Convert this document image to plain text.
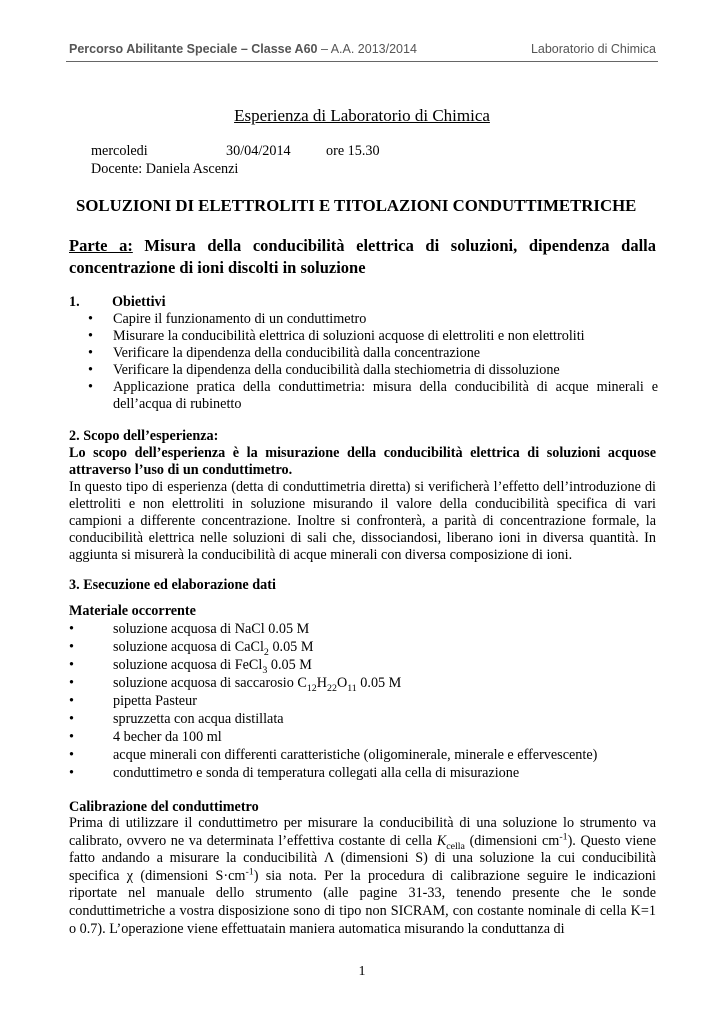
Percorso Abilitante Speciale – Classe A60 – A.A. 2013/2014	Laboratorio di Chimica
Esperienza di Laboratorio di Chimica
mercoledi	30/04/2014 ore 15.30
Docente: Daniela Ascenzi
SOLUZIONI DI ELETTROLITI E TITOLAZIONI CONDUTTIMETRICHE
Parte a: Misura della conducibilità elettrica di soluzioni, dipendenza dalla concentrazione di ioni discolti in soluzione
1. Obiettivi
• Capire il funzionamento di un conduttimetro
• Misurare la conducibilità elettrica di soluzioni acquose di elettroliti e non elettroliti
• Verificare la dipendenza della conducibilità dalla concentrazione
• Verificare la dipendenza della conducibilità dalla stechiometria di dissoluzione
• Applicazione pratica della conduttimetria: misura della conducibilità di acque minerali e dell’acqua di rubinetto
2. Scopo dell’esperienza:
Lo scopo dell’esperienza è la misurazione della conducibilità elettrica di soluzioni acquose attraverso l’uso di un conduttimetro.
In questo tipo di esperienza (detta di conduttimetria diretta) si verificherà l’effetto dell’introduzione di elettroliti e non elettroliti in soluzione misurando il valore della conducibilità specifica di vari campioni a differente concentrazione. Inoltre si confronterà, a parità di concentrazione formale, la conducibilità elettrica nelle soluzioni di sali che, dissociandosi, liberano ioni in diversa quantità. In aggiunta si misurerà la conducibilità di acque minerali con diversa composizione di ioni.
3. Esecuzione ed elaborazione dati
Materiale occorrente
•	soluzione acquosa di NaCl 0.05 M
•	soluzione acquosa di CaCl$_2$ 0.05 M
•	soluzione acquosa di FeCl$_3$ 0.05 M
•	soluzione acquosa di saccarosio $C_{12}H_{22}O_{11}$ 0.05 M
•	pipetta Pasteur
•	spruzzetta con acqua distillata
•	4 becher da 100 ml
•	acque minerali con differenti caratteristiche (oligominerale, minerale e effervescente)
•	conduttimetro e sonda di temperatura collegati alla cella di misurazione
Calibrazione del conduttimetro
Prima di utilizzare il conduttimetro per misurare la conducibilità di una soluzione lo strumento va calibrato, ovvero ne va determinata l’effettiva costante di cella $K_{cella}$ (dimensioni $cm^{-1}$). Questo viene fatto andando a misurare la conducibilità Λ (dimensioni S) di una soluzione la cui conducibilità specifica χ (dimensioni $S\cdot cm^{-1}$) sia nota. Per la procedura di calibrazione seguire le indicazioni riportate nel manuale dello strumento (alle pagine 31-33, tenendo presente che le sonde conduttimetriche a vostra disposizione sono di tipo non SICRAM, con costante nominale di cella K=1 o 0.7). L’operazione viene effettuatain maniera automatica misurando la conduttanza di
1
